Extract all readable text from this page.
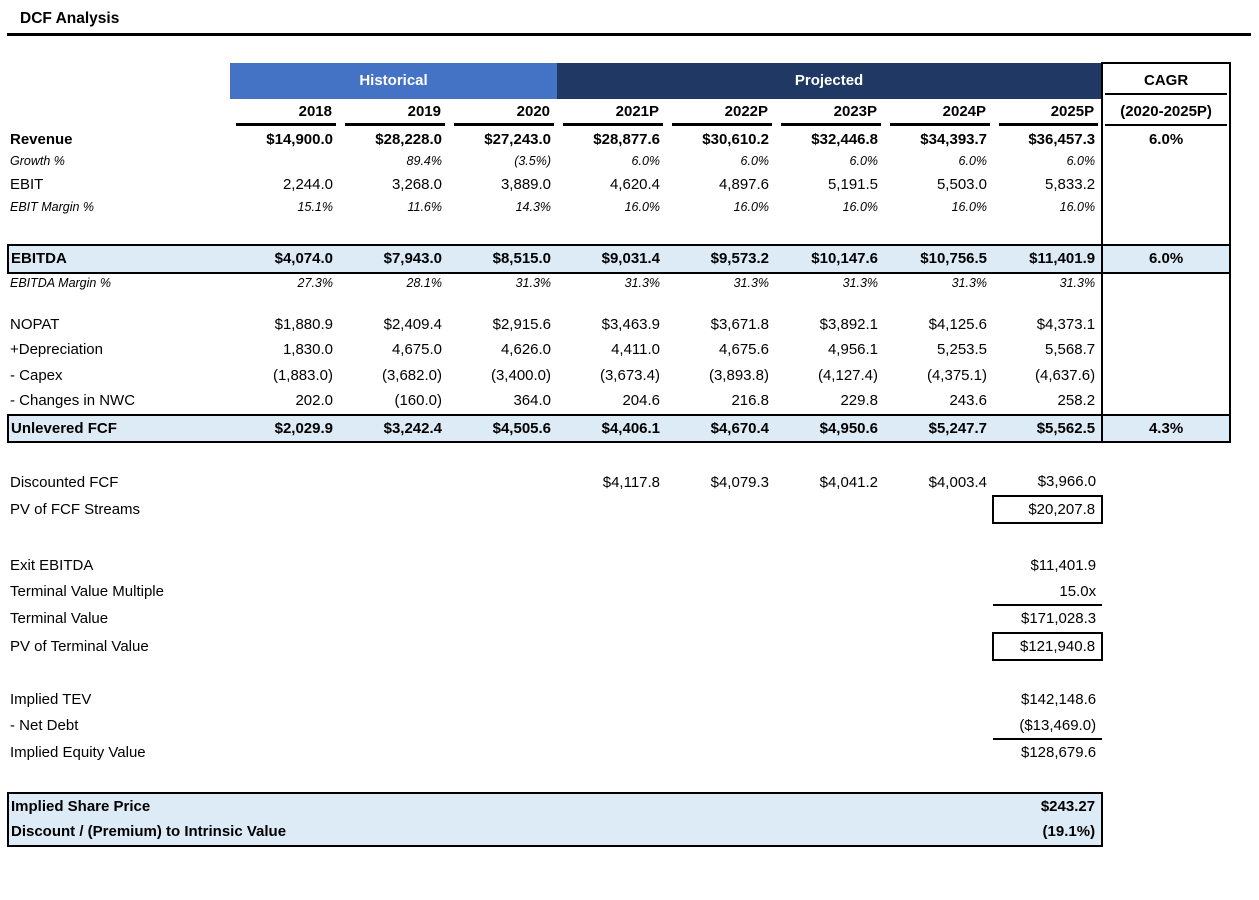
DCF Analysis
	Historical			Projected					CAGR

	2018	2019	2020	2021P	2022P	2023P	2024P	2025P	(2020-2025P)

Revenue	$14,900.0	$28,228.0	$27,243.0	$28,877.6	$30,610.2	$32,446.8	$34,393.7	$36,457.3	6.0%
Growth %		89.4%	(3.5%)	6.0%	6.0%	6.0%	6.0%	6.0%	
EBIT	2,244.0	3,268.0	3,889.0	4,620.4	4,897.6	5,191.5	5,503.0	5,833.2	
EBIT Margin %	15.1%	11.6%	14.3%	16.0%	16.0%	16.0%	16.0%	16.0%	

EBITDA	$4,074.0	$7,943.0	$8,515.0	$9,031.4	$9,573.2	$10,147.6	$10,756.5	$11,401.9	6.0%
EBITDA Margin %	27.3%	28.1%	31.3%	31.3%	31.3%	31.3%	31.3%	31.3%	

NOPAT	$1,880.9	$2,409.4	$2,915.6	$3,463.9	$3,671.8	$3,892.1	$4,125.6	$4,373.1	
+Depreciation	1,830.0	4,675.0	4,626.0	4,411.0	4,675.6	4,956.1	5,253.5	5,568.7	
- Capex	(1,883.0)	(3,682.0)	(3,400.0)	(3,673.4)	(3,893.8)	(4,127.4)	(4,375.1)	(4,637.6)	
- Changes in NWC	202.0	(160.0)	364.0	204.6	216.8	229.8	243.6	258.2	
Unlevered FCF	$2,029.9	$3,242.4	$4,505.6	$4,406.1	$4,670.4	$4,950.6	$5,247.7	$5,562.5	4.3%

Discounted FCF				$4,117.8	$4,079.3	$4,041.2	$4,003.4	$3,966.0	
PV of FCF Streams								$20,207.8	

Exit EBITDA								$11,401.9	
Terminal Value Multiple								15.0x	
Terminal Value								$171,028.3	
PV of Terminal Value								$121,940.8	

Implied TEV								$142,148.6	
- Net Debt								($13,469.0)	
Implied Equity Value								$128,679.6	

Implied Share Price $243.27									

Discount / (Premium) to Intrinsic Value (19.1%)									
